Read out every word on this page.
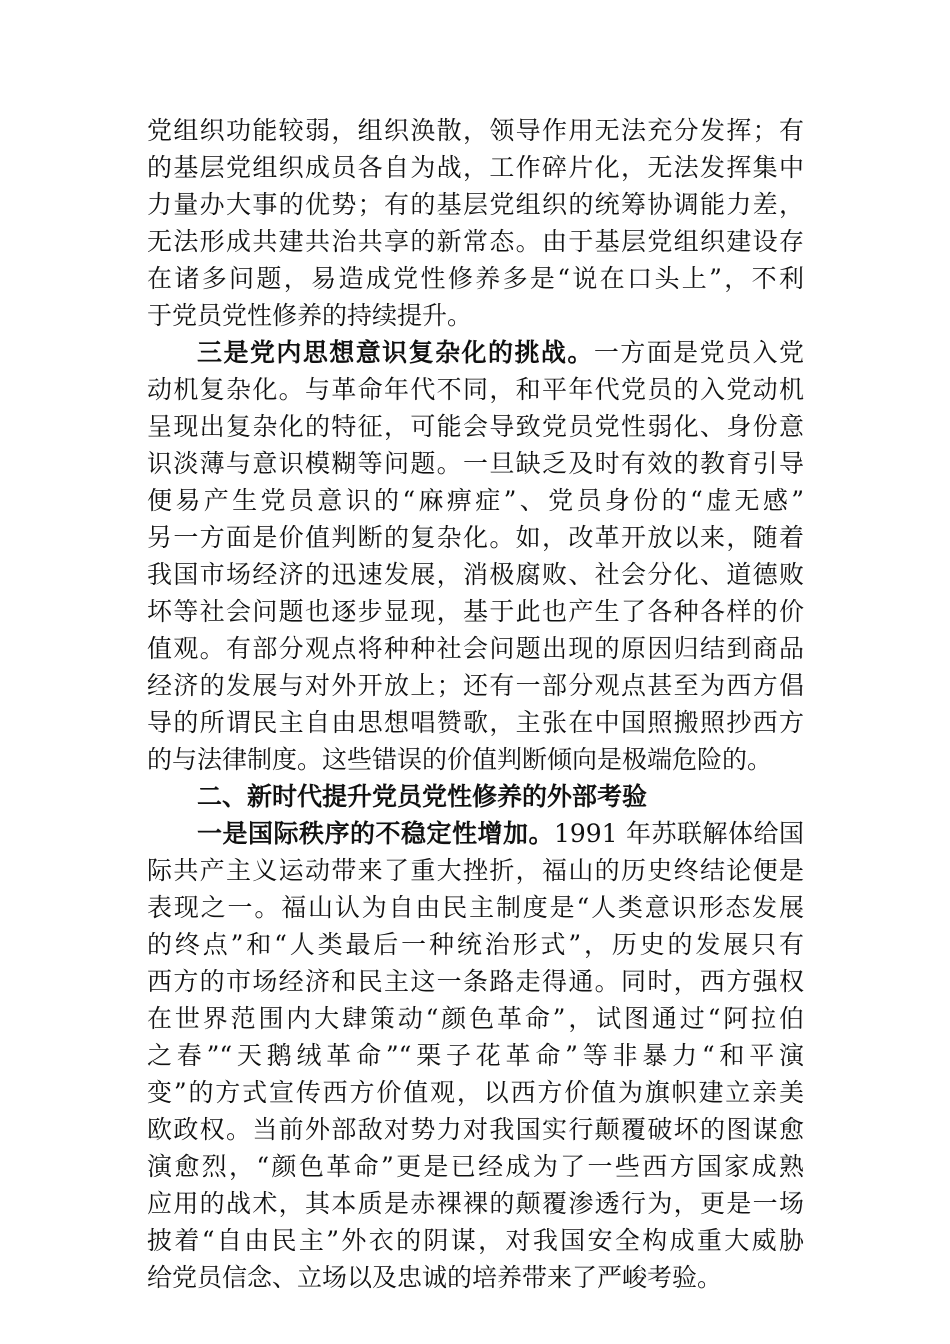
党组织功能较弱，组织涣散，领导作用无法充分发挥；有
的基层党组织成员各自为战，工作碎片化，无法发挥集中
力量办大事的优势；有的基层党组织的统筹协调能力差，
无法形成共建共治共享的新常态。由于基层党组织建设存
在诸多问题，易造成党性修养多是“说在口头上”，不利
于党员党性修养的持续提升。
三是党内思想意识复杂化的挑战。一方面是党员入党
动机复杂化。与革命年代不同，和平年代党员的入党动机
呈现出复杂化的特征，可能会导致党员党性弱化、身份意
识淡薄与意识模糊等问题。一旦缺乏及时有效的教育引导
便易产生党员意识的“麻痹症”、党员身份的“虚无感”
另一方面是价值判断的复杂化。如，改革开放以来，随着
我国市场经济的迅速发展，消极腐败、社会分化、道德败
坏等社会问题也逐步显现，基于此也产生了各种各样的价
值观。有部分观点将种种社会问题出现的原因归结到商品
经济的发展与对外开放上；还有一部分观点甚至为西方倡
导的所谓民主自由思想唱赞歌，主张在中国照搬照抄西方
的与法律制度。这些错误的价值判断倾向是极端危险的。
二、新时代提升党员党性修养的外部考验
一是国际秩序的不稳定性增加。1991 年苏联解体给国
际共产主义运动带来了重大挫折，福山的历史终结论便是
表现之一。福山认为自由民主制度是“人类意识形态发展
的终点”和“人类最后一种统治形式”，历史的发展只有
西方的市场经济和民主这一条路走得通。同时，西方强权
在世界范围内大肆策动“颜色革命”，试图通过“阿拉伯
之春”“天鹅绒革命”“栗子花革命”等非暴力“和平演
变”的方式宣传西方价值观，以西方价值为旗帜建立亲美
欧政权。当前外部敌对势力对我国实行颠覆破坏的图谋愈
演愈烈，“颜色革命”更是已经成为了一些西方国家成熟
应用的战术，其本质是赤裸裸的颠覆渗透行为，更是一场
披着“自由民主”外衣的阴谋，对我国安全构成重大威胁
给党员信念、立场以及忠诚的培养带来了严峻考验。
